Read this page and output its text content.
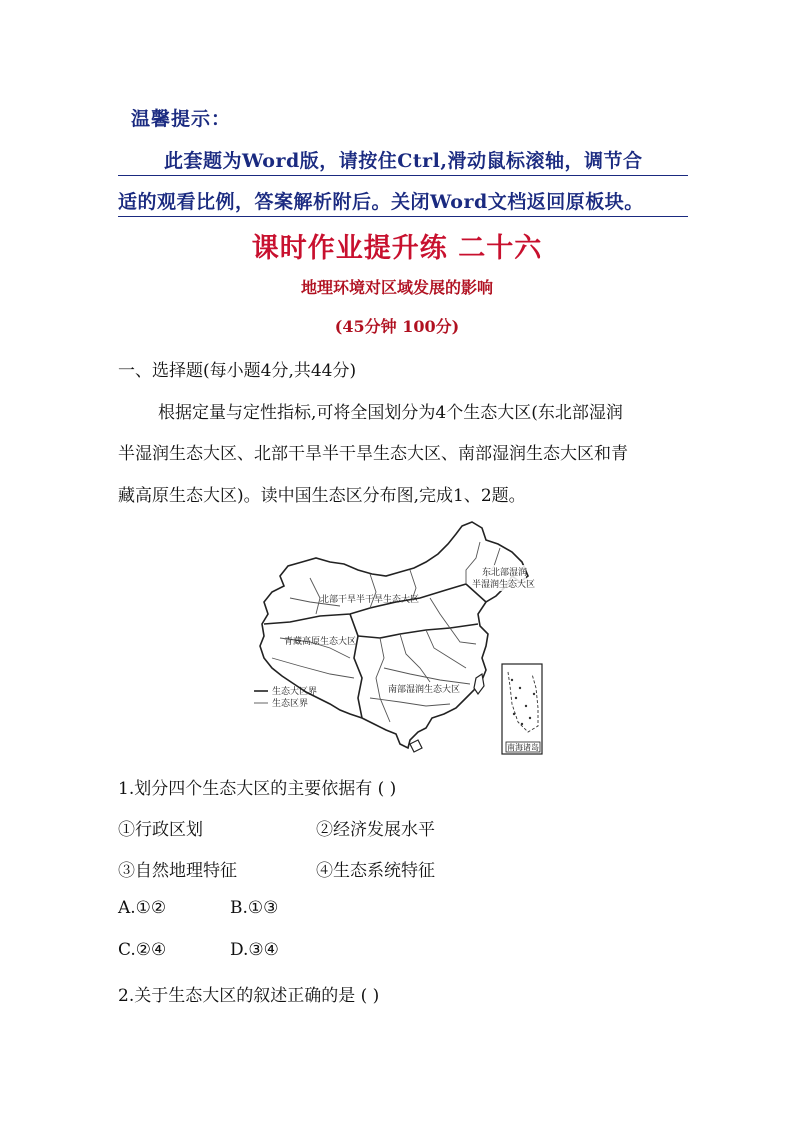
温馨提示：
此套题为Word版，请按住Ctrl,滑动鼠标滚轴，调节合
适的观看比例，答案解析附后。关闭Word文档返回原板块。
课时作业提升练 二十六
地理环境对区域发展的影响
(45分钟 100分)
一、选择题(每小题4分,共44分)
根据定量与定性指标,可将全国划分为4个生态大区(东北部湿润
半湿润生态大区、北部干旱半干旱生态大区、南部湿润生态大区和青
藏高原生态大区)。读中国生态区分布图,完成1、2题。
南海诸岛
东北部湿润
半湿润生态大区
北部干旱半干旱生态大区
青藏高原生态大区
南部湿润生态大区
生态大区界
生态区界
1.划分四个生态大区的主要依据有 ( )
①行政区划	②经济发展水平
③自然地理特征	④生态系统特征
A.①②	B.①③
C.②④	D.③④
2.关于生态大区的叙述正确的是 ( )
